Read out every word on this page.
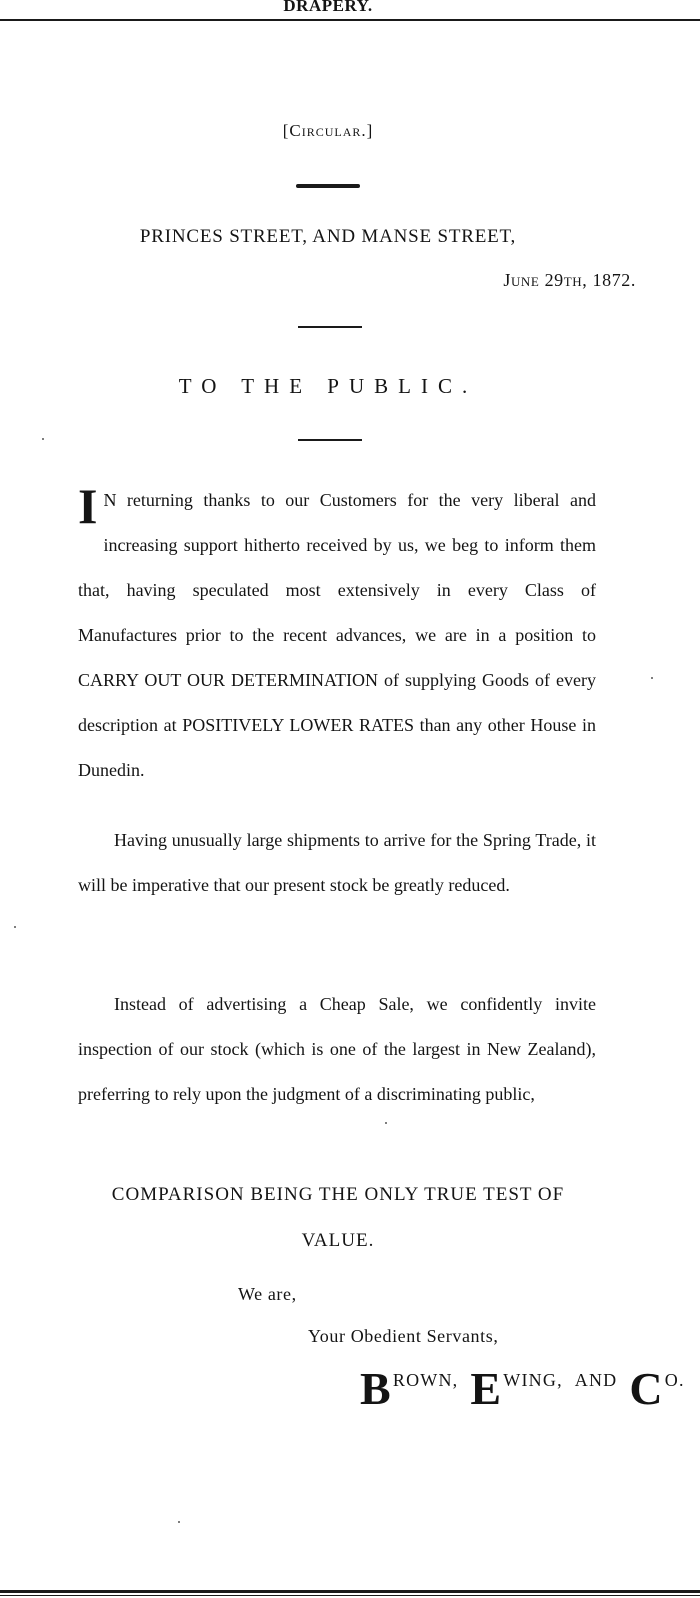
DRAPERY.
[Circular.]
PRINCES STREET, AND MANSE STREET,
June 29th, 1872.
TO THE PUBLIC.

I N returning thanks to our Customers for the very liberal and increasing support hitherto received by us, we beg to inform them that, having speculated most extensively in every Class of Manufactures prior to the recent advances, we are in a position to CARRY OUT OUR DETERMINATION of supplying Goods of every description at POSITIVELY LOWER RATES than any other House in Dunedin.

Having unusually large shipments to arrive for the Spring Trade, it will be imperative that our present stock be greatly reduced.

Instead of advertising a Cheap Sale, we confidently invite inspection of our stock (which is one of the largest in New Zealand), preferring to rely upon the judgment of a discriminating public,

COMPARISON BEING THE ONLY TRUE TEST OF
VALUE.
We are,
Your Obedient Servants,
BROWN, EWING, AND CO.
